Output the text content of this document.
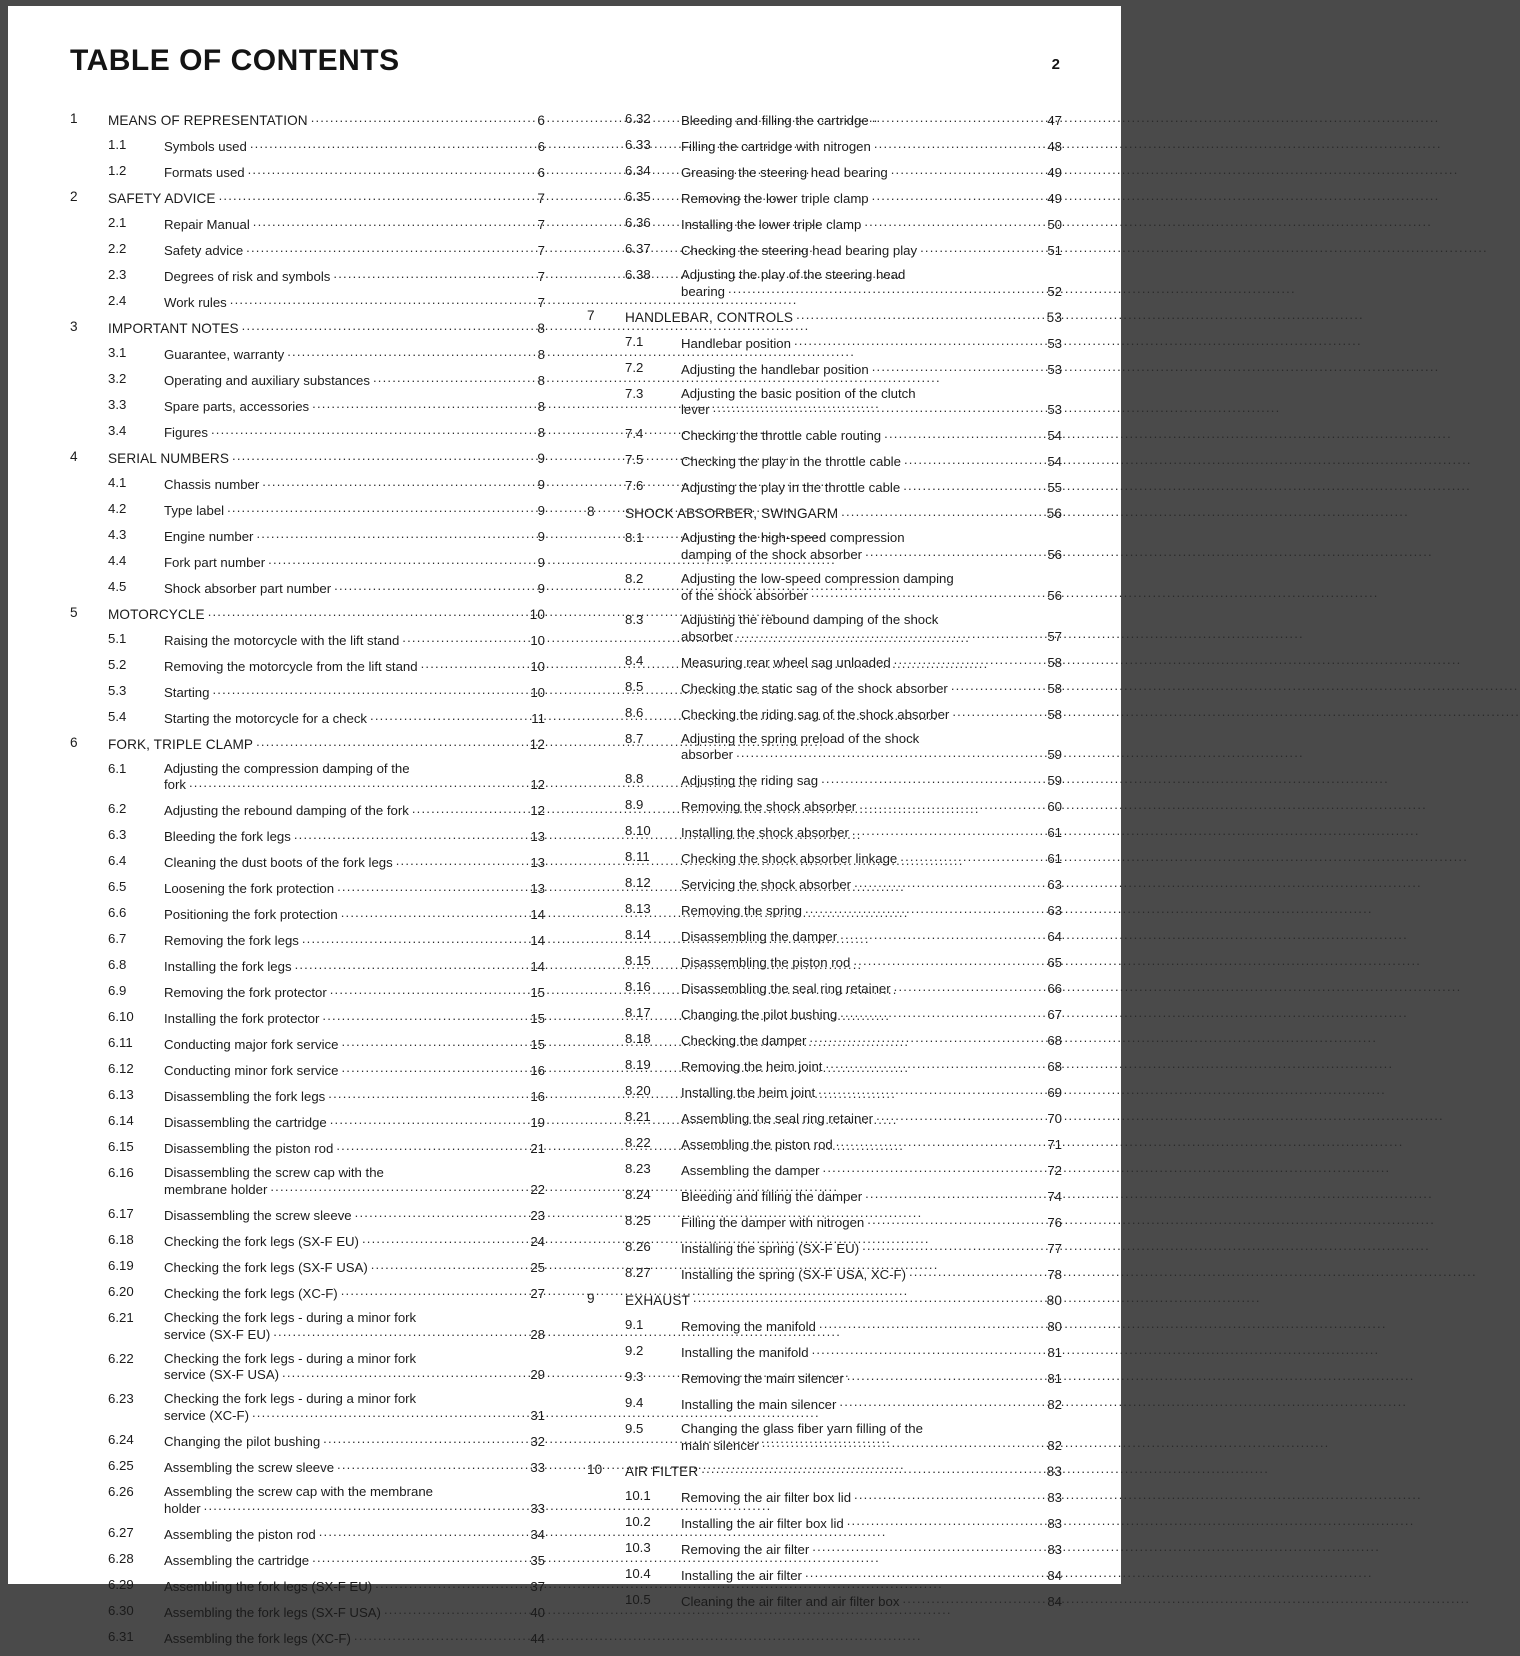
TABLE OF CONTENTS	2
1	MEANS OF REPRESENTATION .....	6
1.1	Symbols used .....	6
1.2	Formats used .....	6
2	SAFETY ADVICE .....	7
2.1	Repair Manual .....	7
2.2	Safety advice .....	7
2.3	Degrees of risk and symbols .....	7
2.4	Work rules .....	7
3	IMPORTANT NOTES .....	8
3.1	Guarantee, warranty .....	8
3.2	Operating and auxiliary substances .....	8
3.3	Spare parts, accessories .....	8
3.4	Figures .....	8
4	SERIAL NUMBERS .....	9
4.1	Chassis number .....	9
4.2	Type label .....	9
4.3	Engine number .....	9
4.4	Fork part number .....	9
4.5	Shock absorber part number .....	9
5	MOTORCYCLE .....	10
5.1	Raising the motorcycle with the lift stand .....	10
5.2	Removing the motorcycle from the lift stand .....	10
5.3	Starting .....	10
5.4	Starting the motorcycle for a check .....	11
6	FORK, TRIPLE CLAMP .....	12
6.1	Adjusting the compression damping of the
fork .....	12
6.2	Adjusting the rebound damping of the fork .....	12
6.3	Bleeding the fork legs .....	13
6.4	Cleaning the dust boots of the fork legs .....	13
6.5	Loosening the fork protection .....	13
6.6	Positioning the fork protection .....	14
6.7	Removing the fork legs .....	14
6.8	Installing the fork legs .....	14
6.9	Removing the fork protector .....	15
6.10	Installing the fork protector .....	15
6.11	Conducting major fork service .....	15
6.12	Conducting minor fork service .....	16
6.13	Disassembling the fork legs .....	16
6.14	Disassembling the cartridge .....	19
6.15	Disassembling the piston rod .....	21
6.16	Disassembling the screw cap with the
membrane holder .....	22
6.17	Disassembling the screw sleeve .....	23
6.18	Checking the fork legs (SX-F EU) .....	24
6.19	Checking the fork legs (SX-F USA) .....	25
6.20	Checking the fork legs (XC-F) .....	27
6.21	Checking the fork legs - during a minor fork
service (SX-F EU) .....	28
6.22	Checking the fork legs - during a minor fork
service (SX-F USA) .....	29
6.23	Checking the fork legs - during a minor fork
service (XC-F) .....	31
6.24	Changing the pilot bushing .....	32
6.25	Assembling the screw sleeve .....	33
6.26	Assembling the screw cap with the membrane
holder .....	33
6.27	Assembling the piston rod .....	34
6.28	Assembling the cartridge .....	35
6.29	Assembling the fork legs (SX-F EU) .....	37
6.30	Assembling the fork legs (SX-F USA) .....	40
6.31	Assembling the fork legs (XC-F) .....	44
6.32	Bleeding and filling the cartridge .....	47
6.33	Filling the cartridge with nitrogen .....	48
6.34	Greasing the steering head bearing .....	49
6.35	Removing the lower triple clamp .....	49
6.36	Installing the lower triple clamp .....	50
6.37	Checking the steering head bearing play .....	51
6.38	Adjusting the play of the steering head
bearing .....	52
7	HANDLEBAR, CONTROLS .....	53
7.1	Handlebar position .....	53
7.2	Adjusting the handlebar position .....	53
7.3	Adjusting the basic position of the clutch
lever .....	53
7.4	Checking the throttle cable routing .....	54
7.5	Checking the play in the throttle cable .....	54
7.6	Adjusting the play in the throttle cable .....	55
8	SHOCK ABSORBER, SWINGARM .....	56
8.1	Adjusting the high-speed compression
damping of the shock absorber .....	56
8.2	Adjusting the low-speed compression damping
of the shock absorber .....	56
8.3	Adjusting the rebound damping of the shock
absorber .....	57
8.4	Measuring rear wheel sag unloaded .....	58
8.5	Checking the static sag of the shock absorber .....	58
8.6	Checking the riding sag of the shock absorber .....	58
8.7	Adjusting the spring preload of the shock
absorber .....	59
8.8	Adjusting the riding sag .....	59
8.9	Removing the shock absorber .....	60
8.10	Installing the shock absorber .....	61
8.11	Checking the shock absorber linkage .....	61
8.12	Servicing the shock absorber .....	63
8.13	Removing the spring .....	63
8.14	Disassembling the damper .....	64
8.15	Disassembling the piston rod .....	65
8.16	Disassembling the seal ring retainer .....	66
8.17	Changing the pilot bushing .....	67
8.18	Checking the damper .....	68
8.19	Removing the heim joint .....	68
8.20	Installing the heim joint .....	69
8.21	Assembling the seal ring retainer .....	70
8.22	Assembling the piston rod .....	71
8.23	Assembling the damper .....	72
8.24	Bleeding and filling the damper .....	74
8.25	Filling the damper with nitrogen .....	76
8.26	Installing the spring (SX-F EU) .....	77
8.27	Installing the spring (SX-F USA, XC-F) .....	78
9	EXHAUST .....	80
9.1	Removing the manifold .....	80
9.2	Installing the manifold .....	81
9.3	Removing the main silencer .....	81
9.4	Installing the main silencer .....	82
9.5	Changing the glass fiber yarn filling of the
main silencer .....	82
10	AIR FILTER .....	83
10.1	Removing the air filter box lid .....	83
10.2	Installing the air filter box lid .....	83
10.3	Removing the air filter .....	83
10.4	Installing the air filter .....	84
10.5	Cleaning the air filter and air filter box .....	84
